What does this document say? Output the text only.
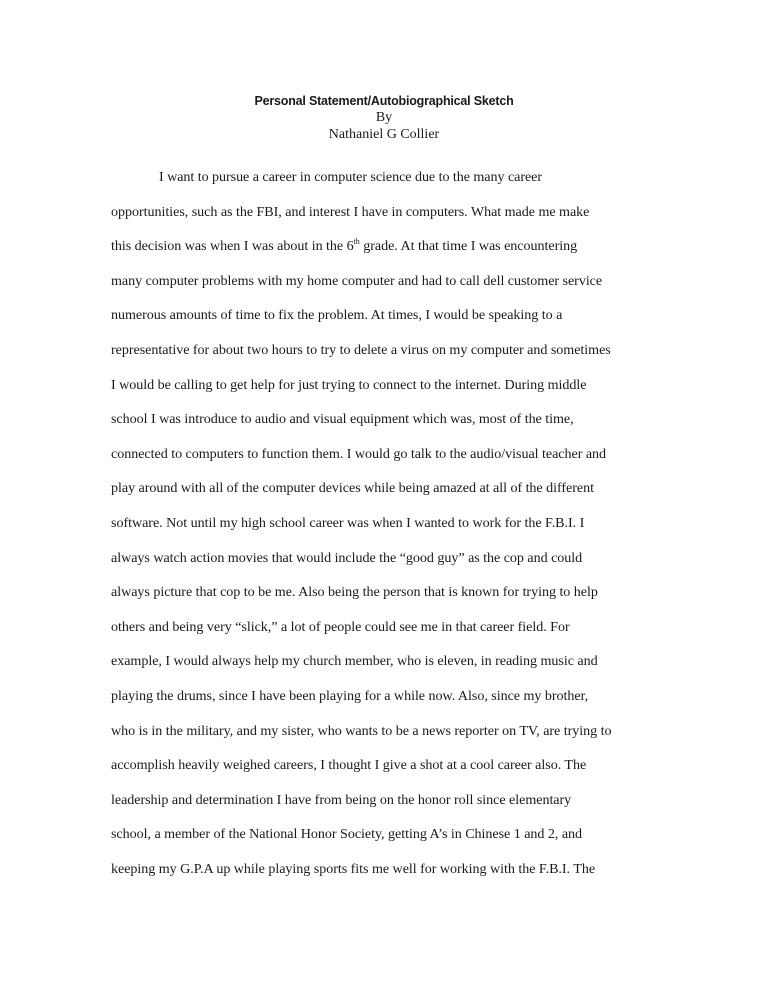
Personal Statement/Autobiographical Sketch
By
Nathaniel G Collier
I want to pursue a career in computer science due to the many career
opportunities, such as the FBI, and interest I have in computers. What made me make
this decision was when I was about in the 6th grade. At that time I was encountering
many computer problems with my home computer and had to call dell customer service
numerous amounts of time to fix the problem. At times, I would be speaking to a
representative for about two hours to try to delete a virus on my computer and sometimes
I would be calling to get help for just trying to connect to the internet. During middle
school I was introduce to audio and visual equipment which was, most of the time,
connected to computers to function them. I would go talk to the audio/visual teacher and
play around with all of the computer devices while being amazed at all of the different
software. Not until my high school career was when I wanted to work for the F.B.I. I
always watch action movies that would include the “good guy” as the cop and could
always picture that cop to be me. Also being the person that is known for trying to help
others and being very “slick,” a lot of people could see me in that career field. For
example, I would always help my church member, who is eleven, in reading music and
playing the drums, since I have been playing for a while now. Also, since my brother,
who is in the military, and my sister, who wants to be a news reporter on TV, are trying to
accomplish heavily weighed careers, I thought I give a shot at a cool career also. The
leadership and determination I have from being on the honor roll since elementary
school, a member of the National Honor Society, getting A’s in Chinese 1 and 2, and
keeping my G.P.A up while playing sports fits me well for working with the F.B.I. The
